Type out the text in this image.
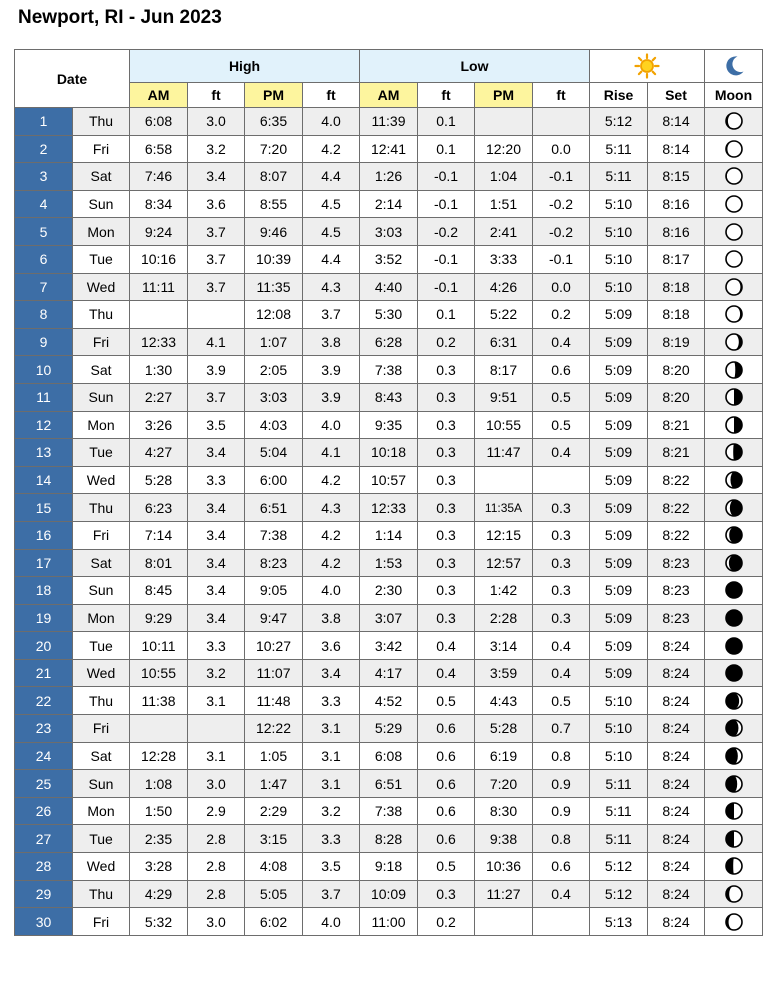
Newport, RI - Jun 2023
Date		High				Low		
		AM	ft	PM	ft	AM	ft	PM	ft	Rise	Set	Moon
1	Thu	6:08	3.0	6:35	4.0	11:39	0.1			5:12	8:14	
2	Fri	6:58	3.2	7:20	4.2	12:41	0.1	12:20	0.0	5:11	8:14	
3	Sat	7:46	3.4	8:07	4.4	1:26	-0.1	1:04	-0.1	5:11	8:15	
4	Sun	8:34	3.6	8:55	4.5	2:14	-0.1	1:51	-0.2	5:10	8:16	
5	Mon	9:24	3.7	9:46	4.5	3:03	-0.2	2:41	-0.2	5:10	8:16	
6	Tue	10:16	3.7	10:39	4.4	3:52	-0.1	3:33	-0.1	5:10	8:17	
7	Wed	11:11	3.7	11:35	4.3	4:40	-0.1	4:26	0.0	5:10	8:18	
8	Thu			12:08	3.7	5:30	0.1	5:22	0.2	5:09	8:18	
9	Fri	12:33	4.1	1:07	3.8	6:28	0.2	6:31	0.4	5:09	8:19	
10	Sat	1:30	3.9	2:05	3.9	7:38	0.3	8:17	0.6	5:09	8:20	
11	Sun	2:27	3.7	3:03	3.9	8:43	0.3	9:51	0.5	5:09	8:20	
12	Mon	3:26	3.5	4:03	4.0	9:35	0.3	10:55	0.5	5:09	8:21	
13	Tue	4:27	3.4	5:04	4.1	10:18	0.3	11:47	0.4	5:09	8:21	
14	Wed	5:28	3.3	6:00	4.2	10:57	0.3			5:09	8:22	
15	Thu	6:23	3.4	6:51	4.3	12:33	0.3	11:35A	0.3	5:09	8:22	
16	Fri	7:14	3.4	7:38	4.2	1:14	0.3	12:15	0.3	5:09	8:22	
17	Sat	8:01	3.4	8:23	4.2	1:53	0.3	12:57	0.3	5:09	8:23	
18	Sun	8:45	3.4	9:05	4.0	2:30	0.3	1:42	0.3	5:09	8:23	
19	Mon	9:29	3.4	9:47	3.8	3:07	0.3	2:28	0.3	5:09	8:23	
20	Tue	10:11	3.3	10:27	3.6	3:42	0.4	3:14	0.4	5:09	8:24	
21	Wed	10:55	3.2	11:07	3.4	4:17	0.4	3:59	0.4	5:09	8:24	
22	Thu	11:38	3.1	11:48	3.3	4:52	0.5	4:43	0.5	5:10	8:24	
23	Fri			12:22	3.1	5:29	0.6	5:28	0.7	5:10	8:24	
24	Sat	12:28	3.1	1:05	3.1	6:08	0.6	6:19	0.8	5:10	8:24	
25	Sun	1:08	3.0	1:47	3.1	6:51	0.6	7:20	0.9	5:11	8:24	
26	Mon	1:50	2.9	2:29	3.2	7:38	0.6	8:30	0.9	5:11	8:24	
27	Tue	2:35	2.8	3:15	3.3	8:28	0.6	9:38	0.8	5:11	8:24	
28	Wed	3:28	2.8	4:08	3.5	9:18	0.5	10:36	0.6	5:12	8:24	
29	Thu	4:29	2.8	5:05	3.7	10:09	0.3	11:27	0.4	5:12	8:24	
30	Fri	5:32	3.0	6:02	4.0	11:00	0.2			5:13	8:24	
